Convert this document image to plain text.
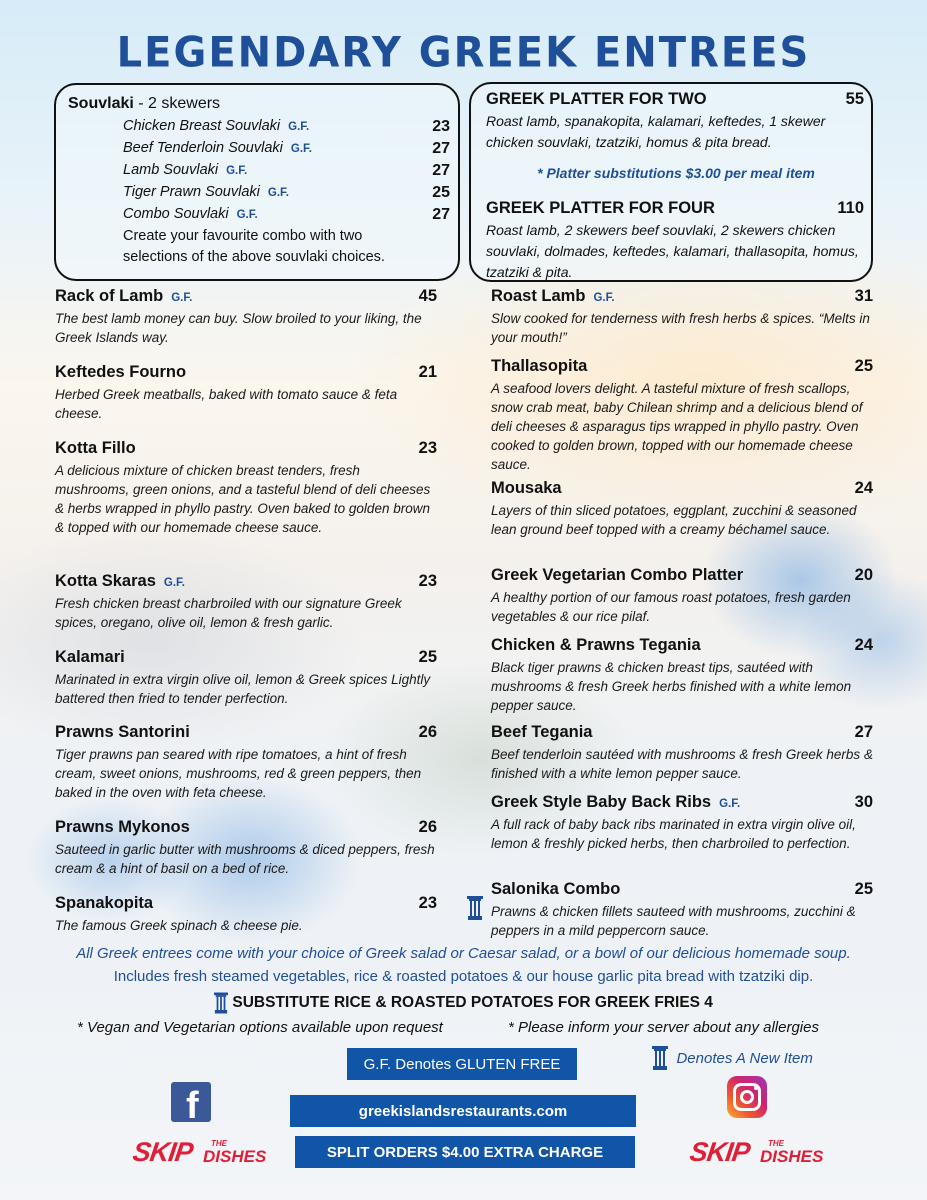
LEGENDARY GREEK ENTREES
Souvlaki - 2 skewers
Chicken Breast Souvlaki G.F.	23
Beef Tenderloin Souvlaki G.F.	27
Lamb Souvlaki G.F.	27
Tiger Prawn Souvlaki G.F.	25
Combo Souvlaki G.F.	27
Create your favourite combo with two selections of the above souvlaki choices.
GREEK PLATTER FOR TWO	55
Roast lamb, spanakopita, kalamari, keftedes, 1 skewer chicken souvlaki, tzatziki, homus & pita bread.
* Platter substitutions $3.00 per meal item
GREEK PLATTER FOR FOUR	110
Roast lamb, 2 skewers beef souvlaki, 2 skewers chicken souvlaki, dolmades, keftedes, kalamari, thallasopita, homus, tzatziki & pita.
Rack of Lamb G.F.	45
The best lamb money can buy. Slow broiled to your liking, the Greek Islands way.
Keftedes Fourno	21
Herbed Greek meatballs, baked with tomato sauce & feta cheese.
Kotta Fillo	23
A delicious mixture of chicken breast tenders, fresh mushrooms, green onions, and a tasteful blend of deli cheeses & herbs wrapped in phyllo pastry. Oven baked to golden brown & topped with our homemade cheese sauce.
Kotta Skaras G.F.	23
Fresh chicken breast charbroiled with our signature Greek spices, oregano, olive oil, lemon & fresh garlic.
Kalamari	25
Marinated in extra virgin olive oil, lemon & Greek spices Lightly battered then fried to tender perfection.
Prawns Santorini	26
Tiger prawns pan seared with ripe tomatoes, a hint of fresh cream, sweet onions, mushrooms, red & green peppers, then baked in the oven with feta cheese.
Prawns Mykonos	26
Sauteed in garlic butter with mushrooms & diced peppers, fresh cream & a hint of basil on a bed of rice.
Spanakopita	23
The famous Greek spinach & cheese pie.
Roast Lamb G.F.	31
Slow cooked for tenderness with fresh herbs & spices. “Melts in your mouth!”
Thallasopita	25
A seafood lovers delight. A tasteful mixture of fresh scallops, snow crab meat, baby Chilean shrimp and a delicious blend of deli cheeses & asparagus tips wrapped in phyllo pastry. Oven cooked to golden brown, topped with our homemade cheese sauce.
Mousaka	24
Layers of thin sliced potatoes, eggplant, zucchini & seasoned lean ground beef topped with a creamy béchamel sauce.
Greek Vegetarian Combo Platter	20
A healthy portion of our famous roast potatoes, fresh garden vegetables & our rice pilaf.
Chicken & Prawns Tegania	24
Black tiger prawns & chicken breast tips, sautéed with mushrooms & fresh Greek herbs finished with a white lemon pepper sauce.
Beef Tegania	27
Beef tenderloin sautéed with mushrooms & fresh Greek herbs & finished with a white lemon pepper sauce.
Greek Style Baby Back Ribs G.F.	30
A full rack of baby back ribs marinated in extra virgin olive oil, lemon & freshly picked herbs, then charbroiled to perfection.
Salonika Combo	25
Prawns & chicken fillets sauteed with mushrooms, zucchini & peppers in a mild peppercorn sauce.
All Greek entrees come with your choice of Greek salad or Caesar salad, or a bowl of our delicious homemade soup.
Includes fresh steamed vegetables, rice & roasted potatoes & our house garlic pita bread with tzatziki dip.
SUBSTITUTE RICE & ROASTED POTATOES FOR GREEK FRIES 4
* Vegan and Vegetarian options available upon request	* Please inform your server about any allergies
G.F. Denotes GLUTEN FREE
greekislandsrestaurants.com
SPLIT ORDERS $4.00 EXTRA CHARGE
Denotes A New Item
f
SKIP THE
DISHES	SKIP THE
DISHES
